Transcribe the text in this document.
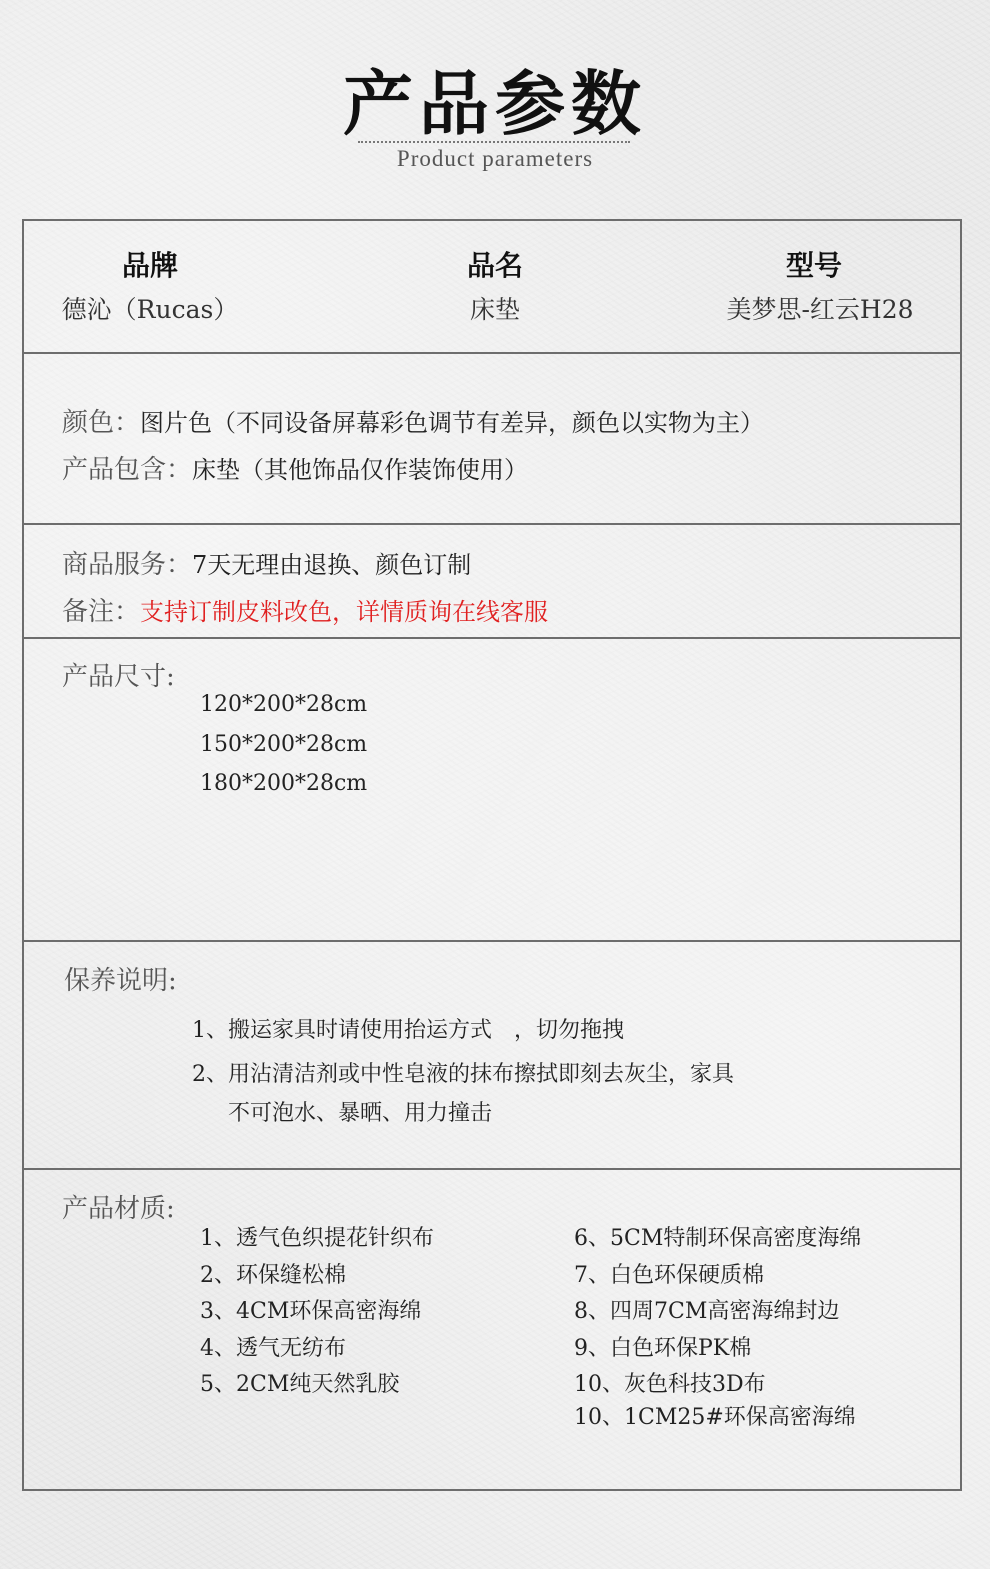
产品参数
Product parameters
品牌
德沁（Rucas）
品名
床垫
型号
美梦思-红云H28
颜色：图片色（不同设备屏幕彩色调节有差异，颜色以实物为主）
产品包含：床垫（其他饰品仅作装饰使用）
商品服务：7天无理由退换、颜色订制
备注：支持订制皮料改色，详情质询在线客服
产品尺寸:
120*200*28cm
150*200*28cm
180*200*28cm
保养说明:
1、搬运家具时请使用抬运方式　，切勿拖拽
2、用沾清洁剂或中性皂液的抹布擦拭即刻去灰尘，家具
不可泡水、暴晒、用力撞击
产品材质:
1、透气色织提花针织布
2、环保缝松棉
3、4CM环保高密海绵
4、透气无纺布
5、2CM纯天然乳胶
6、5CM特制环保高密度海绵
7、白色环保硬质棉
8、四周7CM高密海绵封边
9、白色环保PK棉
10、灰色科技3D布
10、1CM25#环保高密海绵
